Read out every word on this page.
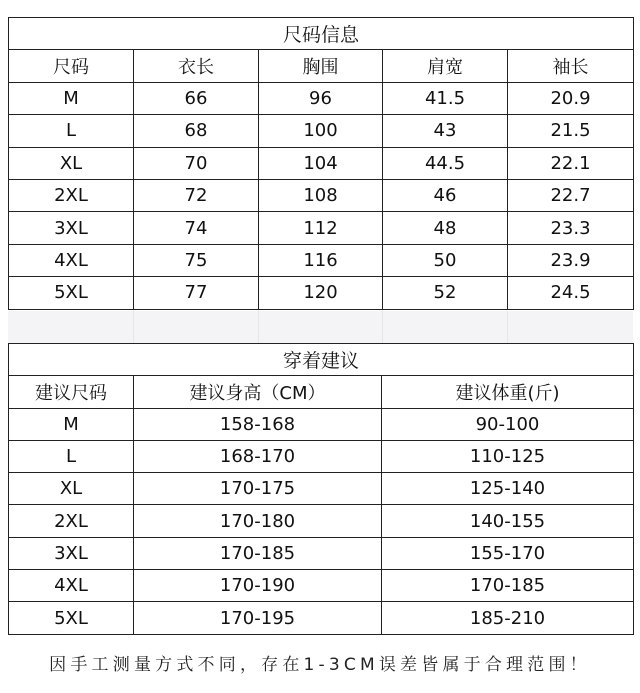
尺码信息				
尺码	衣长	胸围	肩宽	袖长
M	66	96	41.5	20.9
L	68	100	43	21.5
XL	70	104	44.5	22.1
2XL	72	108	46	22.7
3XL	74	112	48	23.3
4XL	75	116	50	23.9
5XL	77	120	52	24.5
穿着建议		
建议尺码	建议身高（CM）	建议体重(斤)
M	158-168	90-100
L	168-170	110-125
XL	170-175	125-140
2XL	170-180	140-155
3XL	170-185	155-170
4XL	170-190	170-185
5XL	170-195	185-210
因手工测量方式不同，存在1-3CM误差皆属于合理范围！
